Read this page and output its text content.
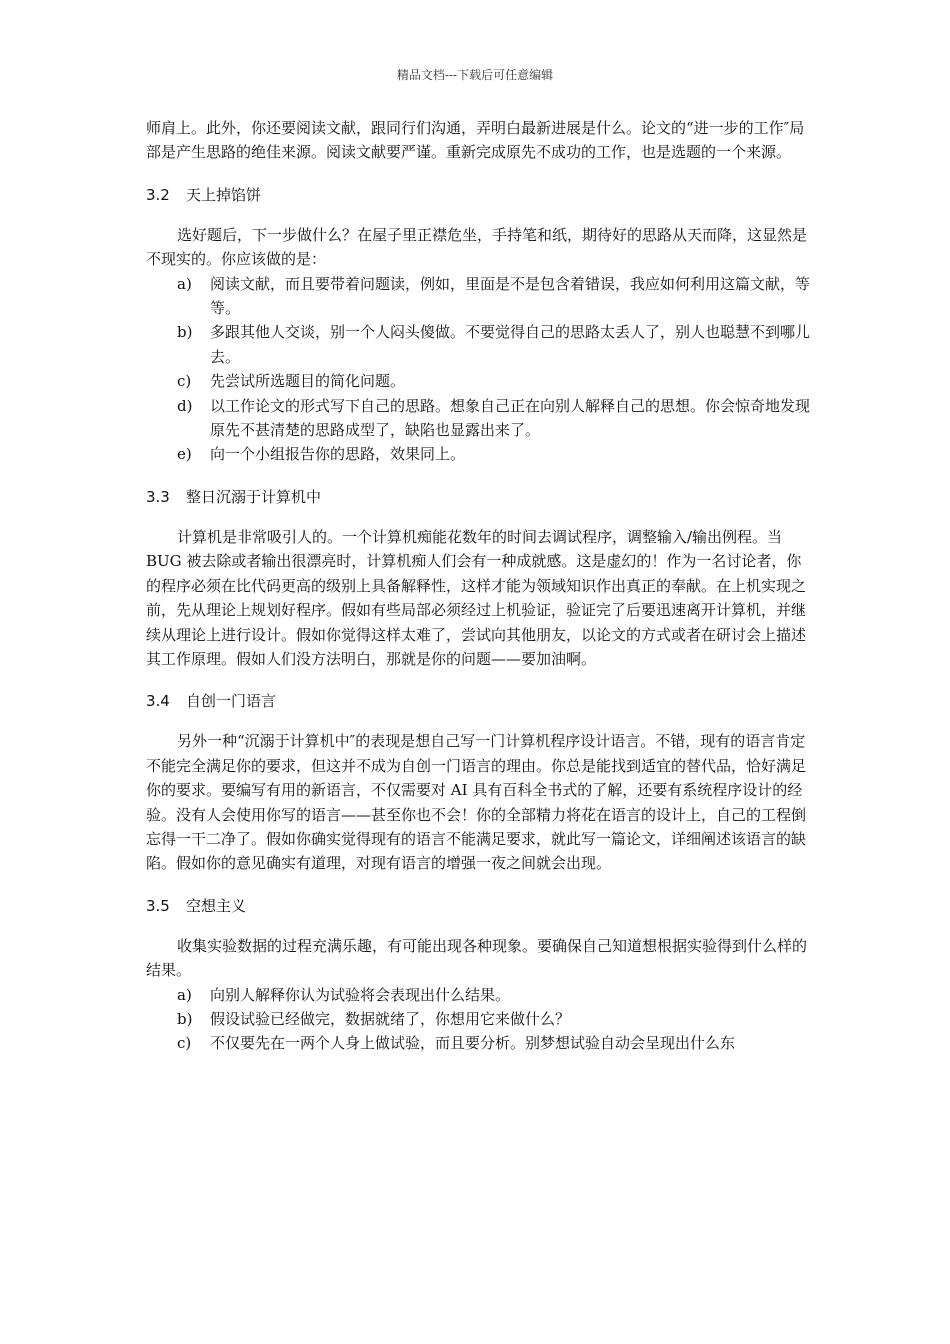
精品文档---下载后可任意编辑

师肩上。此外，你还要阅读文献，跟同行们沟通，弄明白最新进展是什么。论文的“进一步的工作″局部是产生思路的绝佳来源。阅读文献要严谨。重新完成原先不成功的工作，也是选题的一个来源。

3.2 天上掉馅饼

选好题后，下一步做什么？在屋子里正襟危坐，手持笔和纸，期待好的思路从天而降，这显然是不现实的。你应该做的是：

a) 阅读文献，而且要带着问题读，例如，里面是不是包含着错误，我应如何利用这篇文献，等等。
b) 多跟其他人交谈，别一个人闷头傻做。不要觉得自己的思路太丢人了，别人也聪慧不到哪儿去。
c) 先尝试所选题目的简化问题。
d) 以工作论文的形式写下自己的思路。想象自己正在向别人解释自己的思想。你会惊奇地发现原先不甚清楚的思路成型了，缺陷也显露出来了。
e) 向一个小组报告你的思路，效果同上。
3.3 整日沉溺于计算机中

计算机是非常吸引人的。一个计算机痴能花数年的时间去调试程序，调整输入/输出例程。当 BUG 被去除或者输出很漂亮时，计算机痴人们会有一种成就感。这是虚幻的！作为一名讨论者，你的程序必须在比代码更高的级别上具备解释性，这样才能为领域知识作出真正的奉献。在上机实现之前，先从理论上规划好程序。假如有些局部必须经过上机验证，验证完了后要迅速离开计算机，并继续从理论上进行设计。假如你觉得这样太难了，尝试向其他朋友，以论文的方式或者在研讨会上描述其工作原理。假如人们没方法明白，那就是你的问题——要加油啊。

3.4 自创一门语言

另外一种“沉溺于计算机中″的表现是想自己写一门计算机程序设计语言。不错，现有的语言肯定不能完全满足你的要求，但这并不成为自创一门语言的理由。你总是能找到适宜的替代品，恰好满足你的要求。要编写有用的新语言，不仅需要对 AI 具有百科全书式的了解，还要有系统程序设计的经验。没有人会使用你写的语言——甚至你也不会！你的全部精力将花在语言的设计上，自己的工程倒忘得一干二净了。假如你确实觉得现有的语言不能满足要求，就此写一篇论文，详细阐述该语言的缺陷。假如你的意见确实有道理，对现有语言的增强一夜之间就会出现。

3.5 空想主义

收集实验数据的过程充满乐趣，有可能出现各种现象。要确保自己知道想根据实验得到什么样的结果。

a) 向别人解释你认为试验将会表现出什么结果。
b) 假设试验已经做完，数据就绪了，你想用它来做什么？
c) 不仅要先在一两个人身上做试验，而且要分析。别梦想试验自动会呈现出什么东
